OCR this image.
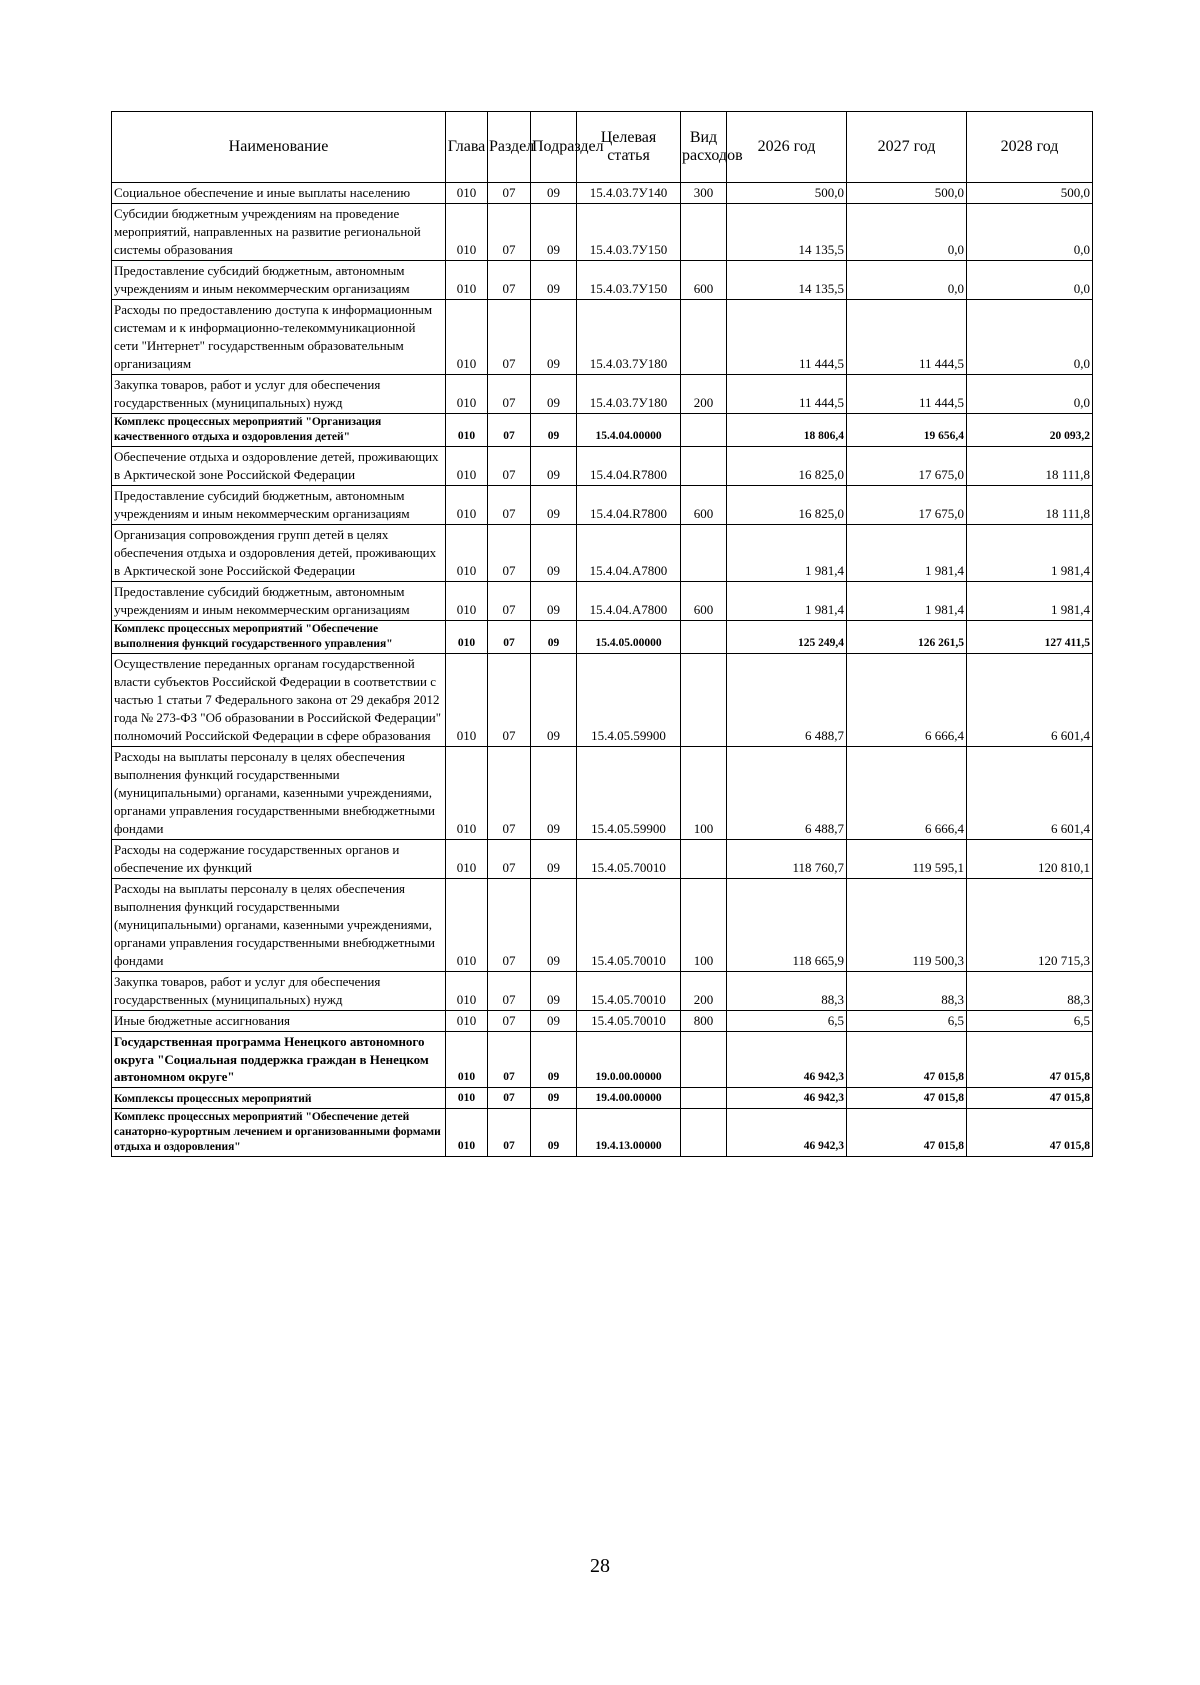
Наименование	Глава	Раздел	Подраздел	Целевая статья	Вид расходов	2026 год	2027 год	2028 год
Социальное обеспечение и иные выплаты населению	010	07	09	15.4.03.7У140	300	500,0	500,0	500,0
Субсидии бюджетным учреждениям на проведение мероприятий, направленных на развитие региональной системы образования	010	07	09	15.4.03.7У150		14 135,5	0,0	0,0
Предоставление субсидий бюджетным, автономным учреждениям и иным некоммерческим организациям	010	07	09	15.4.03.7У150	600	14 135,5	0,0	0,0
Расходы по предоставлению доступа к информационным системам и к информационно-телекоммуникационной сети "Интернет" государственным образовательным организациям	010	07	09	15.4.03.7У180		11 444,5	11 444,5	0,0
Закупка товаров, работ и услуг для обеспечения государственных (муниципальных) нужд	010	07	09	15.4.03.7У180	200	11 444,5	11 444,5	0,0
Комплекс процессных мероприятий "Организация качественного отдыха и оздоровления детей"	010	07	09	15.4.04.00000		18 806,4	19 656,4	20 093,2
Обеспечение отдыха и оздоровление детей, проживающих в Арктической зоне Российской Федерации	010	07	09	15.4.04.R7800		16 825,0	17 675,0	18 111,8
Предоставление субсидий бюджетным, автономным учреждениям и иным некоммерческим организациям	010	07	09	15.4.04.R7800	600	16 825,0	17 675,0	18 111,8
Организация сопровождения групп детей в целях обеспечения отдыха и оздоровления детей, проживающих в Арктической зоне Российской Федерации	010	07	09	15.4.04.А7800		1 981,4	1 981,4	1 981,4
Предоставление субсидий бюджетным, автономным учреждениям и иным некоммерческим организациям	010	07	09	15.4.04.А7800	600	1 981,4	1 981,4	1 981,4
Комплекс процессных мероприятий "Обеспечение выполнения функций государственного управления"	010	07	09	15.4.05.00000		125 249,4	126 261,5	127 411,5
Осуществление переданных органам государственной власти субъектов Российской Федерации в соответствии с частью 1 статьи 7 Федерального закона от 29 декабря 2012 года № 273-ФЗ "Об образовании в Российской Федерации" полномочий Российской Федерации в сфере образования	010	07	09	15.4.05.59900		6 488,7	6 666,4	6 601,4
Расходы на выплаты персоналу в целях обеспечения выполнения функций государственными (муниципальными) органами, казенными учреждениями, органами управления государственными внебюджетными фондами	010	07	09	15.4.05.59900	100	6 488,7	6 666,4	6 601,4
Расходы на содержание государственных органов и обеспечение их функций	010	07	09	15.4.05.70010		118 760,7	119 595,1	120 810,1
Расходы на выплаты персоналу в целях обеспечения выполнения функций государственными (муниципальными) органами, казенными учреждениями, органами управления государственными внебюджетными фондами	010	07	09	15.4.05.70010	100	118 665,9	119 500,3	120 715,3
Закупка товаров, работ и услуг для обеспечения государственных (муниципальных) нужд	010	07	09	15.4.05.70010	200	88,3	88,3	88,3
Иные бюджетные ассигнования	010	07	09	15.4.05.70010	800	6,5	6,5	6,5
Государственная программа Ненецкого автономного округа "Социальная поддержка граждан в Ненецком автономном округе"	010	07	09	19.0.00.00000		46 942,3	47 015,8	47 015,8
Комплексы процессных мероприятий	010	07	09	19.4.00.00000		46 942,3	47 015,8	47 015,8
Комплекс процессных мероприятий "Обеспечение детей санаторно-курортным лечением и организованными формами отдыха и оздоровления"	010	07	09	19.4.13.00000		46 942,3	47 015,8	47 015,8
28
